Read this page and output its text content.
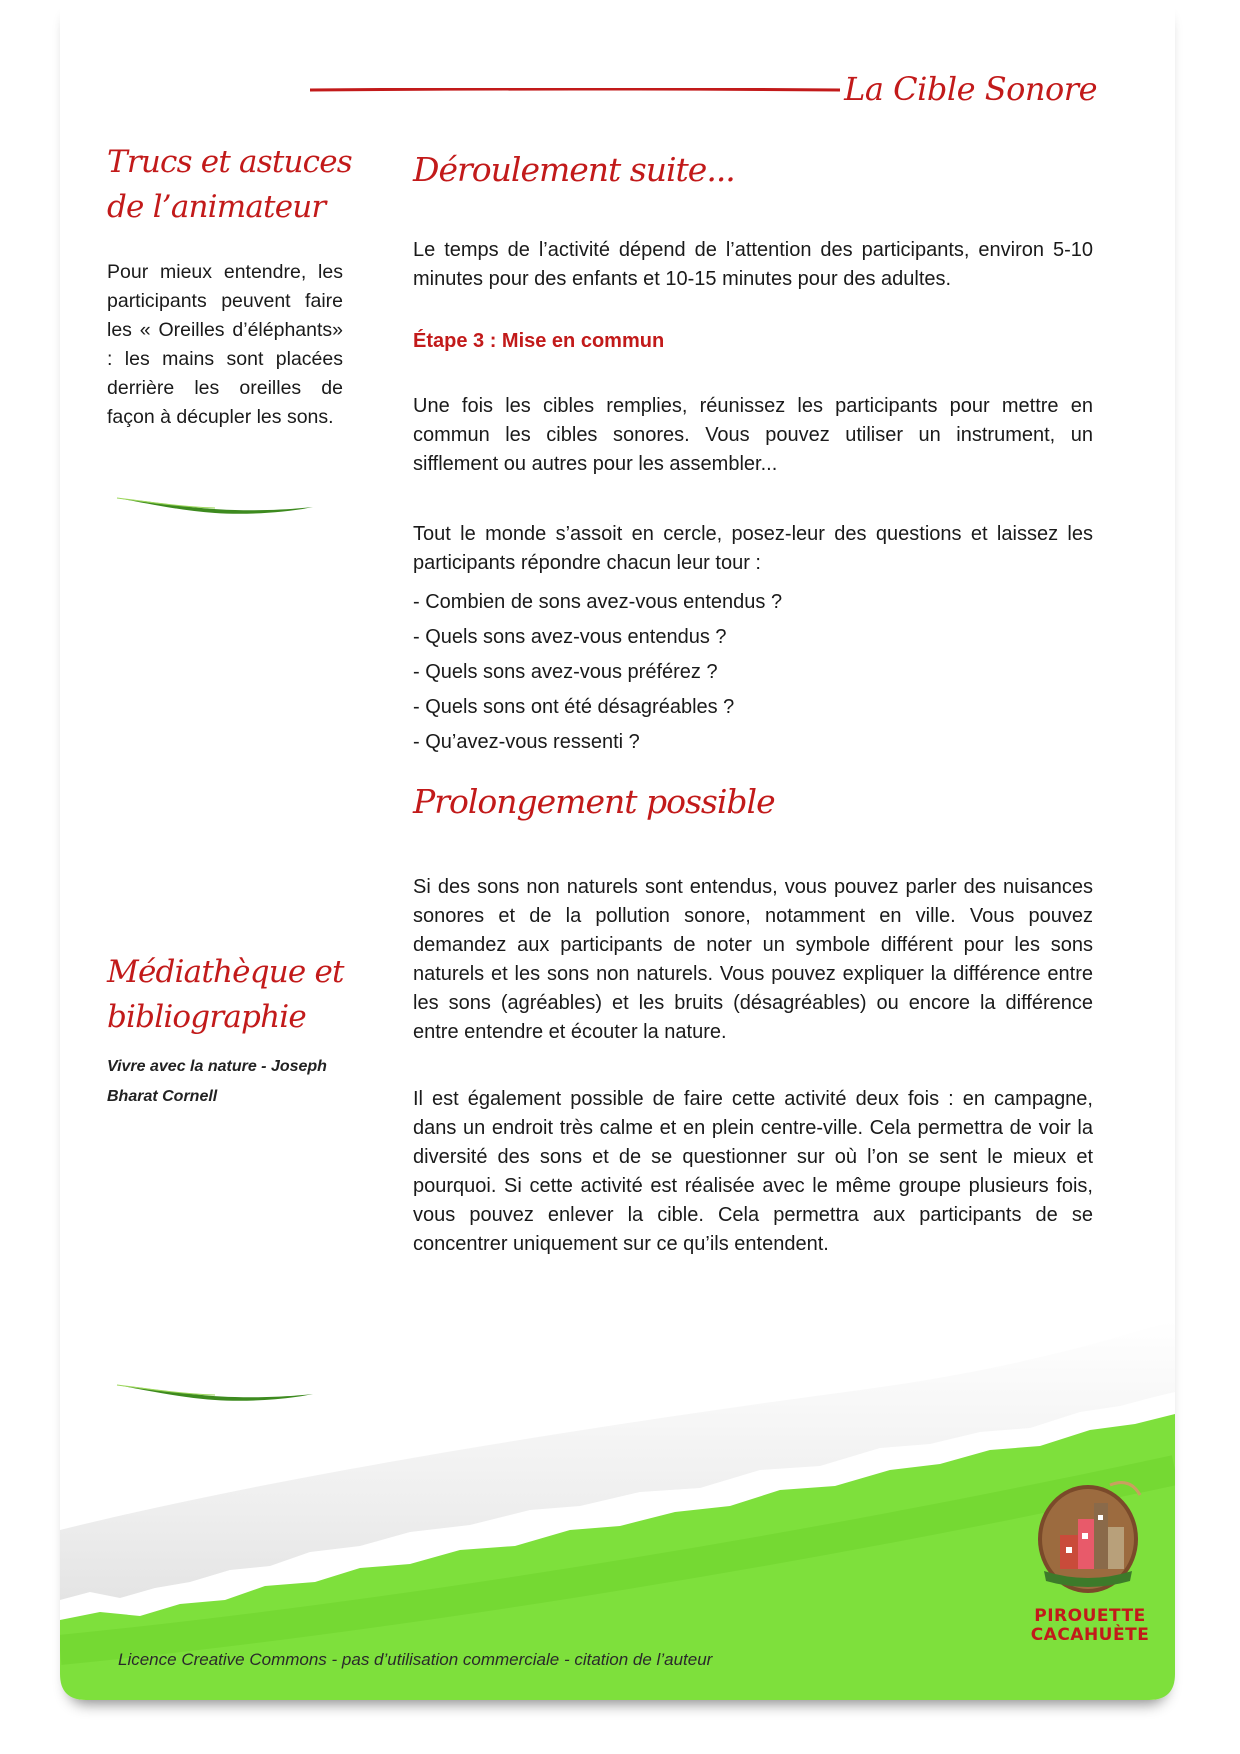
La Cible Sonore
Trucs et astuces
de l’animateur

Pour mieux entendre, les participants peuvent faire les « Oreilles d’éléphants» : les mains sont placées derrière les oreilles de façon à décupler les sons.

Médiathèque et
bibliographie

Vivre avec la nature - Joseph
Bharat Cornell

Déroulement suite...

Le temps de l’activité dépend de l’attention des participants, environ 5-10 minutes pour des enfants et 10-15 minutes pour des adultes.

Étape 3 : Mise en commun

Une fois les cibles remplies, réunissez les participants pour mettre en commun les cibles sonores. Vous pouvez utiliser un instrument, un sifflement ou autres pour les assembler...

Tout le monde s’assoit en cercle, posez-leur des questions et laissez les participants répondre chacun leur tour :

- Combien de sons avez-vous entendus ?
- Quels sons avez-vous entendus ?
- Quels sons avez-vous préférez ?
- Quels sons ont été désagréables ?
- Qu’avez-vous ressenti ?
Prolongement possible

Si des sons non naturels sont entendus, vous pouvez parler des nuisances sonores et de la pollution sonore, notamment en ville. Vous pouvez demandez aux participants de noter un symbole différent pour les sons naturels et les sons non naturels. Vous pouvez expliquer la différence entre les sons (agréables) et les bruits (désagréables) ou encore la différence entre entendre et écouter la nature.

Il est également possible de faire cette activité deux fois : en campagne, dans un endroit très calme et en plein centre-ville. Cela permettra de voir la diversité des sons et de se questionner sur où l’on se sent le mieux et pourquoi. Si cette activité est réalisée avec le même groupe plusieurs fois, vous pouvez enlever la cible. Cela permettra aux participants de se concentrer uniquement sur ce qu’ils entendent.

Licence Creative Commons - pas d’utilisation commerciale - citation de l’auteur
PIROUETTE
CACAHUÈTE
